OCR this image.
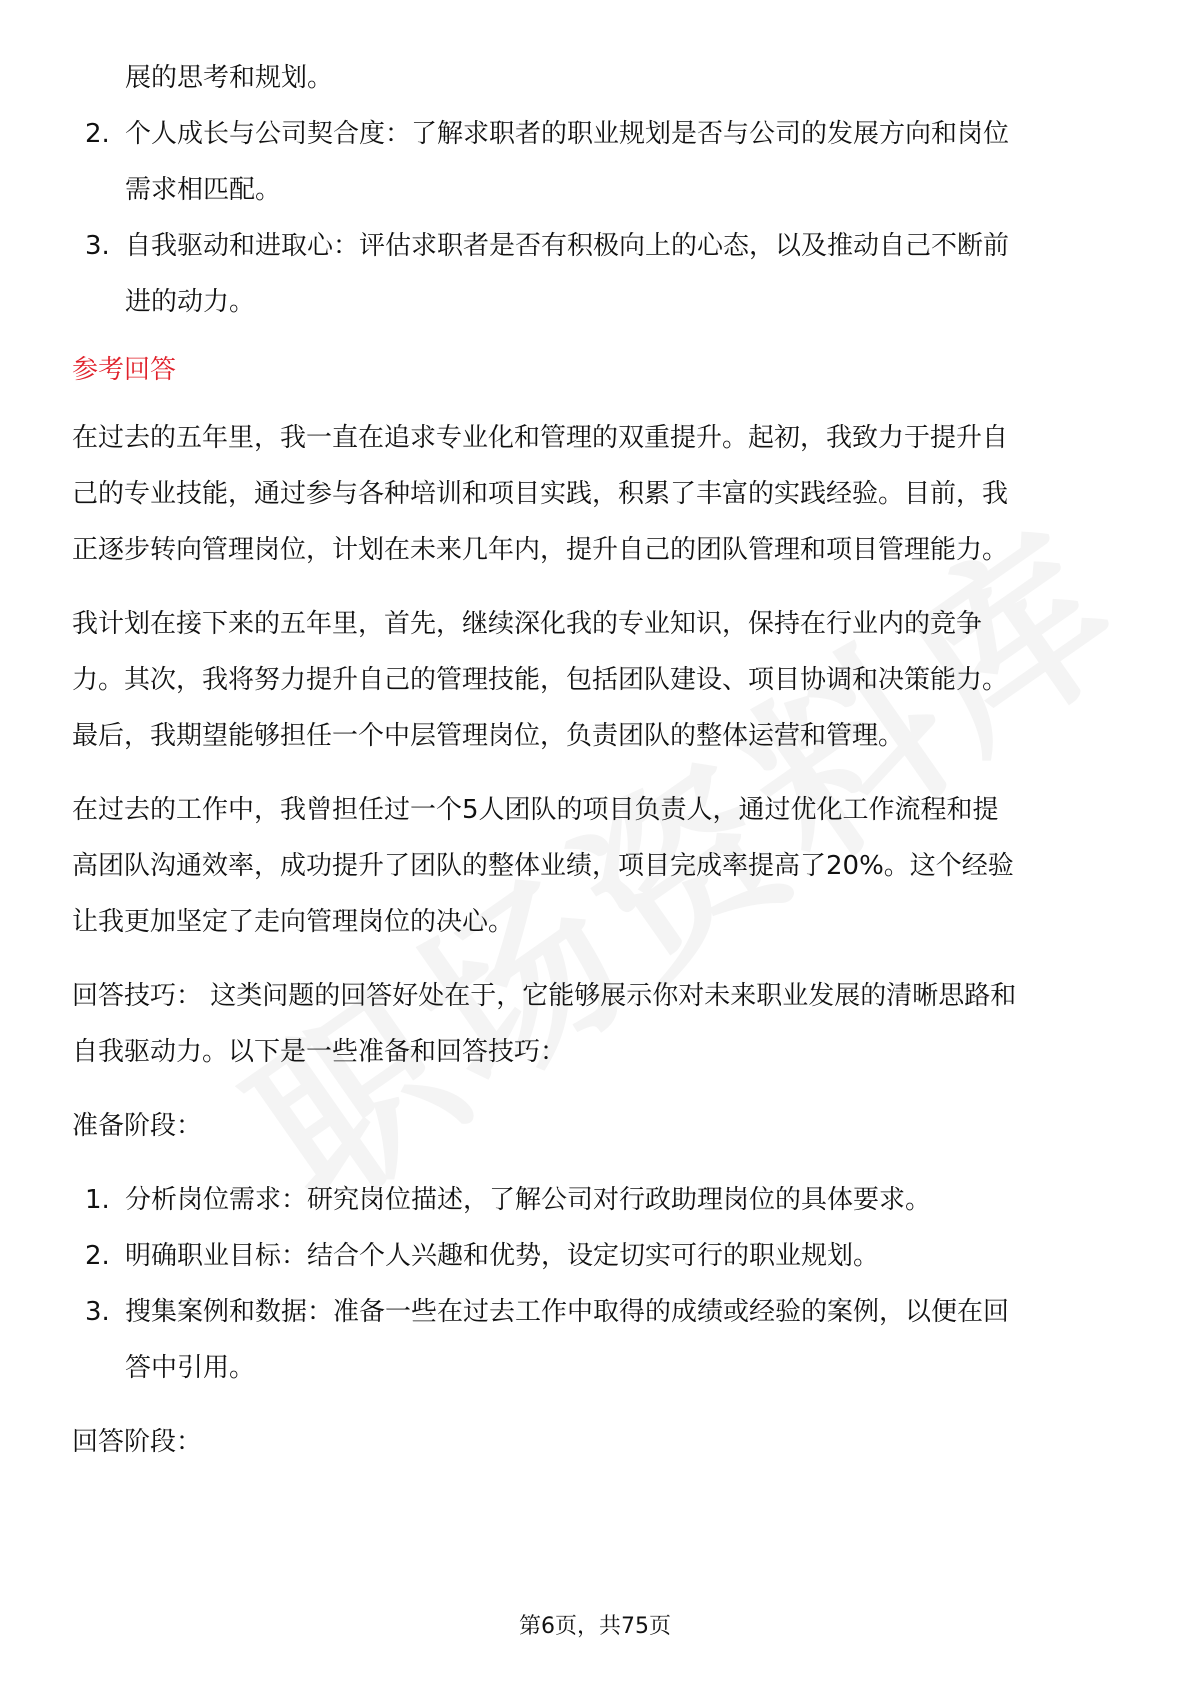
展的思考和规划。

2. 个人成长与公司契合度：了解求职者的职业规划是否与公司的发展方向和岗位
需求相匹配。
3. 自我驱动和进取心：评估求职者是否有积极向上的心态，以及推动自己不断前
进的动力。

参考回答

在过去的五年里，我一直在追求专业化和管理的双重提升。起初，我致力于提升自
己的专业技能，通过参与各种培训和项目实践，积累了丰富的实践经验。目前，我
正逐步转向管理岗位，计划在未来几年内，提升自己的团队管理和项目管理能力。
我计划在接下来的五年里，首先，继续深化我的专业知识，保持在行业内的竞争
力。其次，我将努力提升自己的管理技能，包括团队建设、项目协调和决策能力。
最后，我期望能够担任一个中层管理岗位，负责团队的整体运营和管理。
在过去的工作中，我曾担任过一个5人团队的项目负责人，通过优化工作流程和提
高团队沟通效率，成功提升了团队的整体业绩，项目完成率提高了20%。这个经验
让我更加坚定了走向管理岗位的决心。
回答技巧： 这类问题的回答好处在于，它能够展示你对未来职业发展的清晰思路和
自我驱动力。以下是一些准备和回答技巧：

准备阶段：

1. 分析岗位需求：研究岗位描述，了解公司对行政助理岗位的具体要求。
2. 明确职业目标：结合个人兴趣和优势，设定切实可行的职业规划。
3. 搜集案例和数据：准备一些在过去工作中取得的成绩或经验的案例，以便在回
答中引用。

回答阶段：

第6页，共75页
